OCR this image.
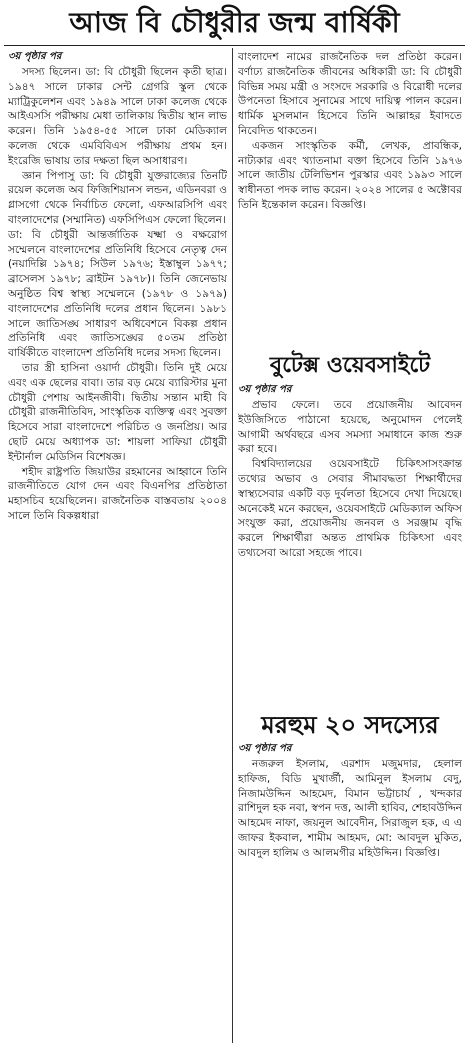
আজ বি চৌধুরীর জন্ম বার্ষিকী
৩য় পৃষ্ঠার পর

সদস্য ছিলেন। ডা: বি চৌধুরী ছিলেন কৃতী ছাত্র। ১৯৪৭ সালে ঢাকার সেন্ট গ্রেগরি স্কুল থেকে ম্যাট্রিকুলেশন এবং ১৯৪৯ সালে ঢাকা কলেজ থেকে আইএসসি পরীক্ষায় মেধা তালিকায় দ্বিতীয় স্থান লাভ করেন। তিনি ১৯৫৪-৫৫ সালে ঢাকা মেডিক্যাল কলেজ থেকে এমবিবিএস পরীক্ষায় প্রথম হন। ইংরেজি ভাষায় তার দক্ষতা ছিল অসাধারণ।

জ্ঞান পিপাসু ডা: বি চৌধুরী যুক্তরাজ্যের তিনটি রয়েল কলেজ অব ফিজিশিয়ানস লন্ডন, এডিনবরা ও গ্লাসগো থেকে নির্বাচিত ফেলো, এফআরসিপি এবং বাংলাদেশের (সম্মানিত) এফসিপিএস ফেলো ছিলেন।

ডা: বি চৌধুরী আন্তর্জাতিক যক্ষ্মা ও বক্ষরোগ সম্মেলনে বাংলাদেশের প্রতিনিধি হিসেবে নেতৃত্ব দেন (নয়াদিল্লি ১৯৭৪; সিউল ১৯৭৬; ইস্তাম্বুল ১৯৭৭; ব্রাসেলস ১৯৭৮; ব্রাইটন ১৯৭৮)। তিনি জেনেভায় অনুষ্ঠিত বিশ্ব স্বাস্থ্য সম্মেলনে (১৯৭৮ ও ১৯৭৯) বাংলাদেশের প্রতিনিধি দলের প্রধান ছিলেন। ১৯৮১ সালে জাতিসঙ্ঘ সাধারণ অধিবেশনে বিকল্প প্রধান প্রতিনিধি এবং জাতিসঙ্ঘের ৫০তম প্রতিষ্ঠা বার্ষিকীতে বাংলাদেশ প্রতিনিধি দলের সদস্য ছিলেন।

তার স্ত্রী হাসিনা ওয়ার্দা চৌধুরী। তিনি দুই মেয়ে এবং এক ছেলের বাবা। তার বড় মেয়ে ব্যারিস্টার মুনা চৌধুরী পেশায় আইনজীবী। দ্বিতীয় সন্তান মাহী বি চৌধুরী রাজনীতিবিদ, সাংস্কৃতিক ব্যক্তিত্ব এবং সুবক্তা হিসেবে সারা বাংলাদেশে পরিচিত ও জনপ্রিয়। আর ছোট মেয়ে অধ্যাপক ডা: শায়লা সাফিয়া চৌধুরী ইন্টার্নাল মেডিসিন বিশেষজ্ঞ।

শহীদ রাষ্ট্রপতি জিয়াউর রহমানের আহ্বানে তিনি রাজনীতিতে যোগ দেন এবং বিএনপির প্রতিষ্ঠাতা মহাসচিব হয়েছিলেন। রাজনৈতিক বাস্তবতায় ২০০৪ সালে তিনি বিকল্পধারা

বাংলাদেশ নামের রাজনৈতিক দল প্রতিষ্ঠা করেন। বর্ণাঢ্য রাজনৈতিক জীবনের অধিকারী ডা: বি চৌধুরী বিভিন্ন সময় মন্ত্রী ও সংসদে সরকারি ও বিরোধী দলের উপনেতা হিসাবে সুনামের সাথে দায়িত্ব পালন করেন। ধার্মিক মুসলমান হিসেবে তিনি আল্লাহর ইবাদতে নিবেদিত থাকতেন।

একজন সাংস্কৃতিক কর্মী, লেখক, প্রাবন্ধিক, নাট্যকার এবং খ্যাতনামা বক্তা হিসেবে তিনি ১৯৭৬ সালে জাতীয় টেলিভিশন পুরস্কার এবং ১৯৯৩ সালে স্বাধীনতা পদক লাভ করেন। ২০২৪ সালের ৫ অক্টোবর তিনি ইন্তেকাল করেন। বিজ্ঞপ্তি।

বুটেক্স ওয়েবসাইটে
৩য় পৃষ্ঠার পর

প্রভাব ফেলে। তবে প্রয়োজনীয় আবেদন ইউজিসিতে পাঠানো হয়েছে, অনুমোদন পেলেই আগামী অর্থবছরে এসব সমস্যা সমাধানে কাজ শুরু করা হবে।

বিশ্ববিদ্যালয়ের ওয়েবসাইটে চিকিৎসাসংক্রান্ত তথ্যের অভাব ও সেবার সীমাবদ্ধতা শিক্ষার্থীদের স্বাস্থ্যসেবার একটি বড় দুর্বলতা হিসেবে দেখা দিয়েছে। অনেকেই মনে করছেন, ওয়েবসাইটে মেডিক্যাল অফিস সংযুক্ত করা, প্রয়োজনীয় জনবল ও সরঞ্জাম বৃদ্ধি করলে শিক্ষার্থীরা অন্তত প্রাথমিক চিকিৎসা এবং তথ্যসেবা আরো সহজে পাবে।

মরহুম ২০ সদস্যের
৩য় পৃষ্ঠার পর

নজরুল ইসলাম, এরশাদ মজুমদার, হেলাল হাফিজ, বিডি মুখার্জী, আমিনুল ইসলাম বেদু, নিজামউদ্দিন আহমেদ, বিমান ভট্টাচার্য , খন্দকার রাশিদুল হক নবা, স্বপন দত্ত, আলী হাবিব, শেহাবউদ্দিন আহমেদ নাফা, জয়নুল আবেদীন, সিরাজুল হক, এ এ জাফর ইকবাল, শামীম আহমদ, মো: আবদুল মুকিত, আবদুল হালিম ও আলমগীর মহিউদ্দিন। বিজ্ঞপ্তি।
